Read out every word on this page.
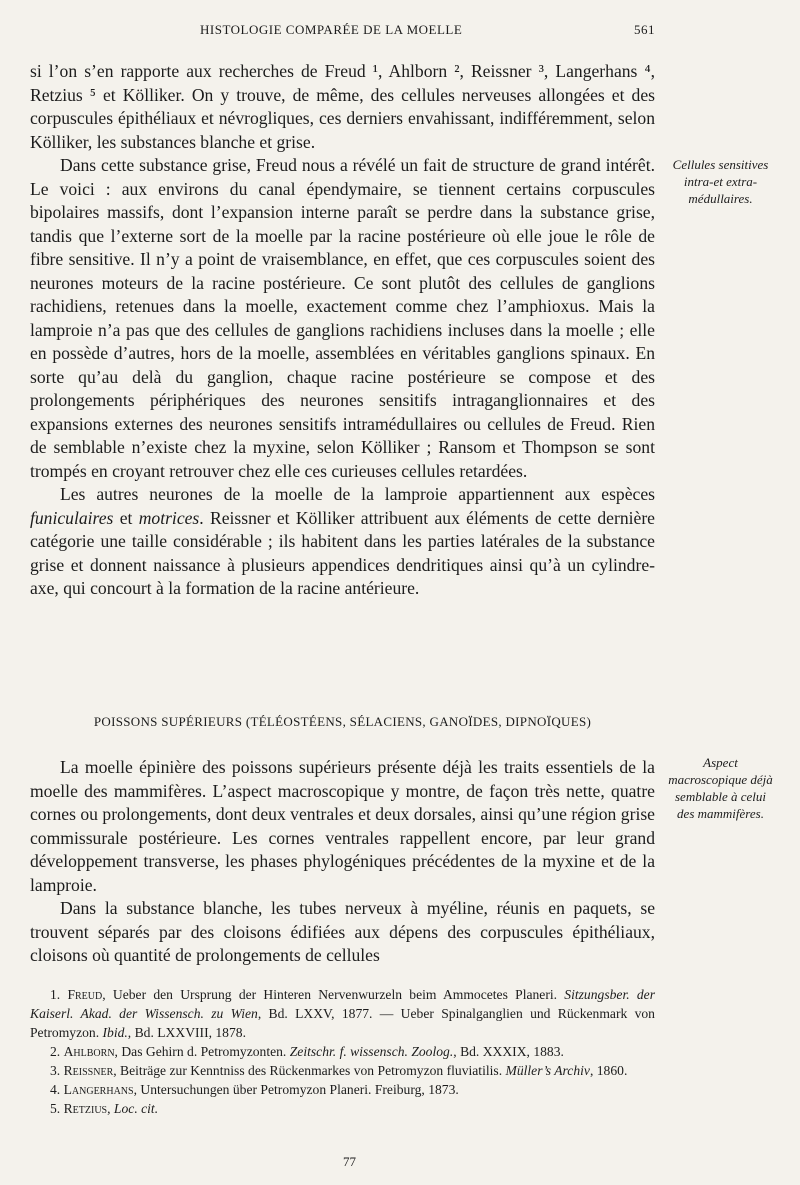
HISTOLOGIE COMPARÉE DE LA MOELLE	561

si l’on s’en rapporte aux recherches de Freud ¹, Ahlborn ², Reissner ³, Langerhans ⁴, Retzius ⁵ et Kölliker. On y trouve, de même, des cellules nerveuses allongées et des corpuscules épithéliaux et névrogliques, ces derniers envahissant, indifféremment, selon Kölliker, les substances blanche et grise.

Dans cette substance grise, Freud nous a révélé un fait de structure de grand intérêt. Le voici : aux environs du canal épendymaire, se tiennent certains corpuscules bipolaires massifs, dont l’expansion interne paraît se perdre dans la substance grise, tandis que l’externe sort de la moelle par la racine postérieure où elle joue le rôle de fibre sensitive. Il n’y a point de vraisemblance, en effet, que ces corpuscules soient des neurones moteurs de la racine postérieure. Ce sont plutôt des cellules de ganglions rachidiens, retenues dans la moelle, exactement comme chez l’amphioxus. Mais la lamproie n’a pas que des cellules de ganglions rachidiens incluses dans la moelle ; elle en possède d’autres, hors de la moelle, assemblées en véritables ganglions spinaux. En sorte qu’au delà du ganglion, chaque racine postérieure se compose et des prolongements périphériques des neurones sensitifs intraganglionnaires et des expansions externes des neurones sensitifs intramédullaires ou cellules de Freud. Rien de semblable n’existe chez la myxine, selon Kölliker ; Ransom et Thompson se sont trompés en croyant retrouver chez elle ces curieuses cellules retardées.

Les autres neurones de la moelle de la lamproie appartiennent aux espèces funiculaires et motrices. Reissner et Kölliker attribuent aux éléments de cette dernière catégorie une taille considérable ; ils habitent dans les parties latérales de la substance grise et donnent naissance à plusieurs appendices dendritiques ainsi qu’à un cylindre-axe, qui concourt à la formation de la racine antérieure.

Cellules sensitives intra-et extra-médullaires.
POISSONS SUPÉRIEURS (TÉLÉOSTÉENS, SÉLACIENS, GANOÏDES, DIPNOÏQUES)

La moelle épinière des poissons supérieurs présente déjà les traits essentiels de la moelle des mammifères. L’aspect macroscopique y montre, de façon très nette, quatre cornes ou prolongements, dont deux ventrales et deux dorsales, ainsi qu’une région grise commissurale postérieure. Les cornes ventrales rappellent encore, par leur grand développement transverse, les phases phylogéniques précédentes de la myxine et de la lamproie.

Dans la substance blanche, les tubes nerveux à myéline, réunis en paquets, se trouvent séparés par des cloisons édifiées aux dépens des corpuscules épithéliaux, cloisons où quantité de prolongements de cellules

Aspect macroscopique déjà semblable à celui des mammifères.

1. Freud, Ueber den Ursprung der Hinteren Nervenwurzeln beim Ammocetes Planeri. Sitzungsber. der Kaiserl. Akad. der Wissensch. zu Wien, Bd. LXXV, 1877. — Ueber Spinalganglien und Rückenmark von Petromyzon. Ibid., Bd. LXXVIII, 1878.

2. Ahlborn, Das Gehirn d. Petromyzonten. Zeitschr. f. wissensch. Zoolog., Bd. XXXIX, 1883.

3. Reissner, Beiträge zur Kenntniss des Rückenmarkes von Petromyzon fluviatilis. Müller’s Archiv, 1860.

4. Langerhans, Untersuchungen über Petromyzon Planeri. Freiburg, 1873.

5. Retzius, Loc. cit.

77
